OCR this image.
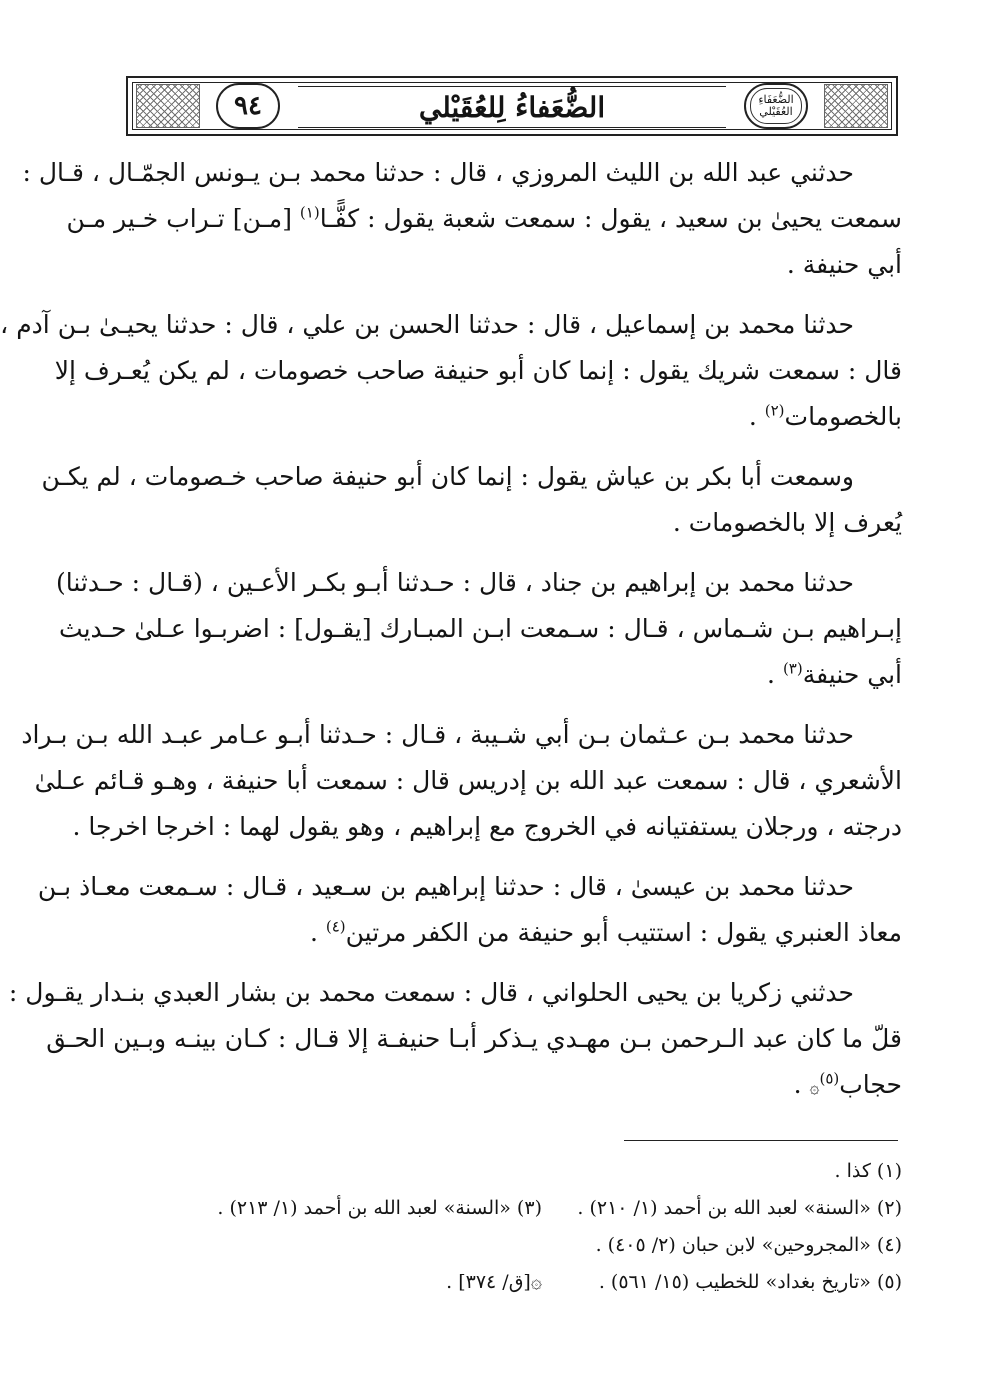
الضُّعَفَاءِ
العُقَيْلي
الضُّعَفاءُ لِلعُقَيْلي
٩٤
حدثني عبد الله بن الليث المروزي ، قال : حدثنا محمد بـن يـونس الجمّـال ، قـال :
سمعت يحيىٰ بن سعيد ، يقول : سمعت شعبة يقول : كفًّـا$^{(١)}$ [مـن] تـراب خـير مـن
أبي حنيفة .
حدثنا محمد بن إسماعيل ، قال : حدثنا الحسن بن علي ، قال : حدثنا يحيـىٰ بـن آدم ،
قال : سمعت شريك يقول : إنما كان أبو حنيفة صاحب خصومات ، لم يكن يُعـرف إلا
بالخصومات$^{(٢)}$ .
وسمعت أبا بكر بن عياش يقول : إنما كان أبو حنيفة صاحب خـصومات ، لم يكـن
يُعرف إلا بالخصومات .
حدثنا محمد بن إبراهيم بن جناد ، قال : حـدثنا أبـو بكـر الأعـين ، (قـال : حـدثنا)
إبـراهيم بـن شـماس ، قـال : سـمعت ابـن المبـارك [يقـول] : اضربـوا عـلىٰ حـديث
أبي حنيفة$^{(٣)}$ .
حدثنا محمد بـن عـثمان بـن أبي شـيبة ، قـال : حـدثنا أبـو عـامر عبـد الله بـن بـراد
الأشعري ، قال : سمعت عبد الله بن إدريس قال : سمعت أبا حنيفة ، وهـو قـائم عـلىٰ
درجته ، ورجلان يستفتيانه في الخروج مع إبراهيم ، وهو يقول لهما : اخرجا اخرجا .
حدثنا محمد بن عيسىٰ ، قال : حدثنا إبراهيم بن سـعيد ، قـال : سـمعت معـاذ بـن
معاذ العنبري يقول : استتيب أبو حنيفة من الكفر مرتين$^{(٤)}$ .
حدثني زكريا بن يحيى الحلواني ، قال : سمعت محمد بن بشار العبدي بنـدار يقـول :
قلّ ما كان عبد الـرحمن بـن مهـدي يـذكر أبـا حنيفـة إلا قـال : كـان بينـه وبـين الحـق
حجاب$^{(٥)}$۞ .
(١) كذا .
(٢) «السنة» لعبد الله بن أحمد (١/ ٢١٠) .
(٣) «السنة» لعبد الله بن أحمد (١/ ٢١٣) .
(٤) «المجروحين» لابن حبان (٢/ ٤٠٥) .
(٥) «تاريخ بغداد» للخطيب (١٥/ ٥٦١) .
۞[ق/ ٣٧٤] .
